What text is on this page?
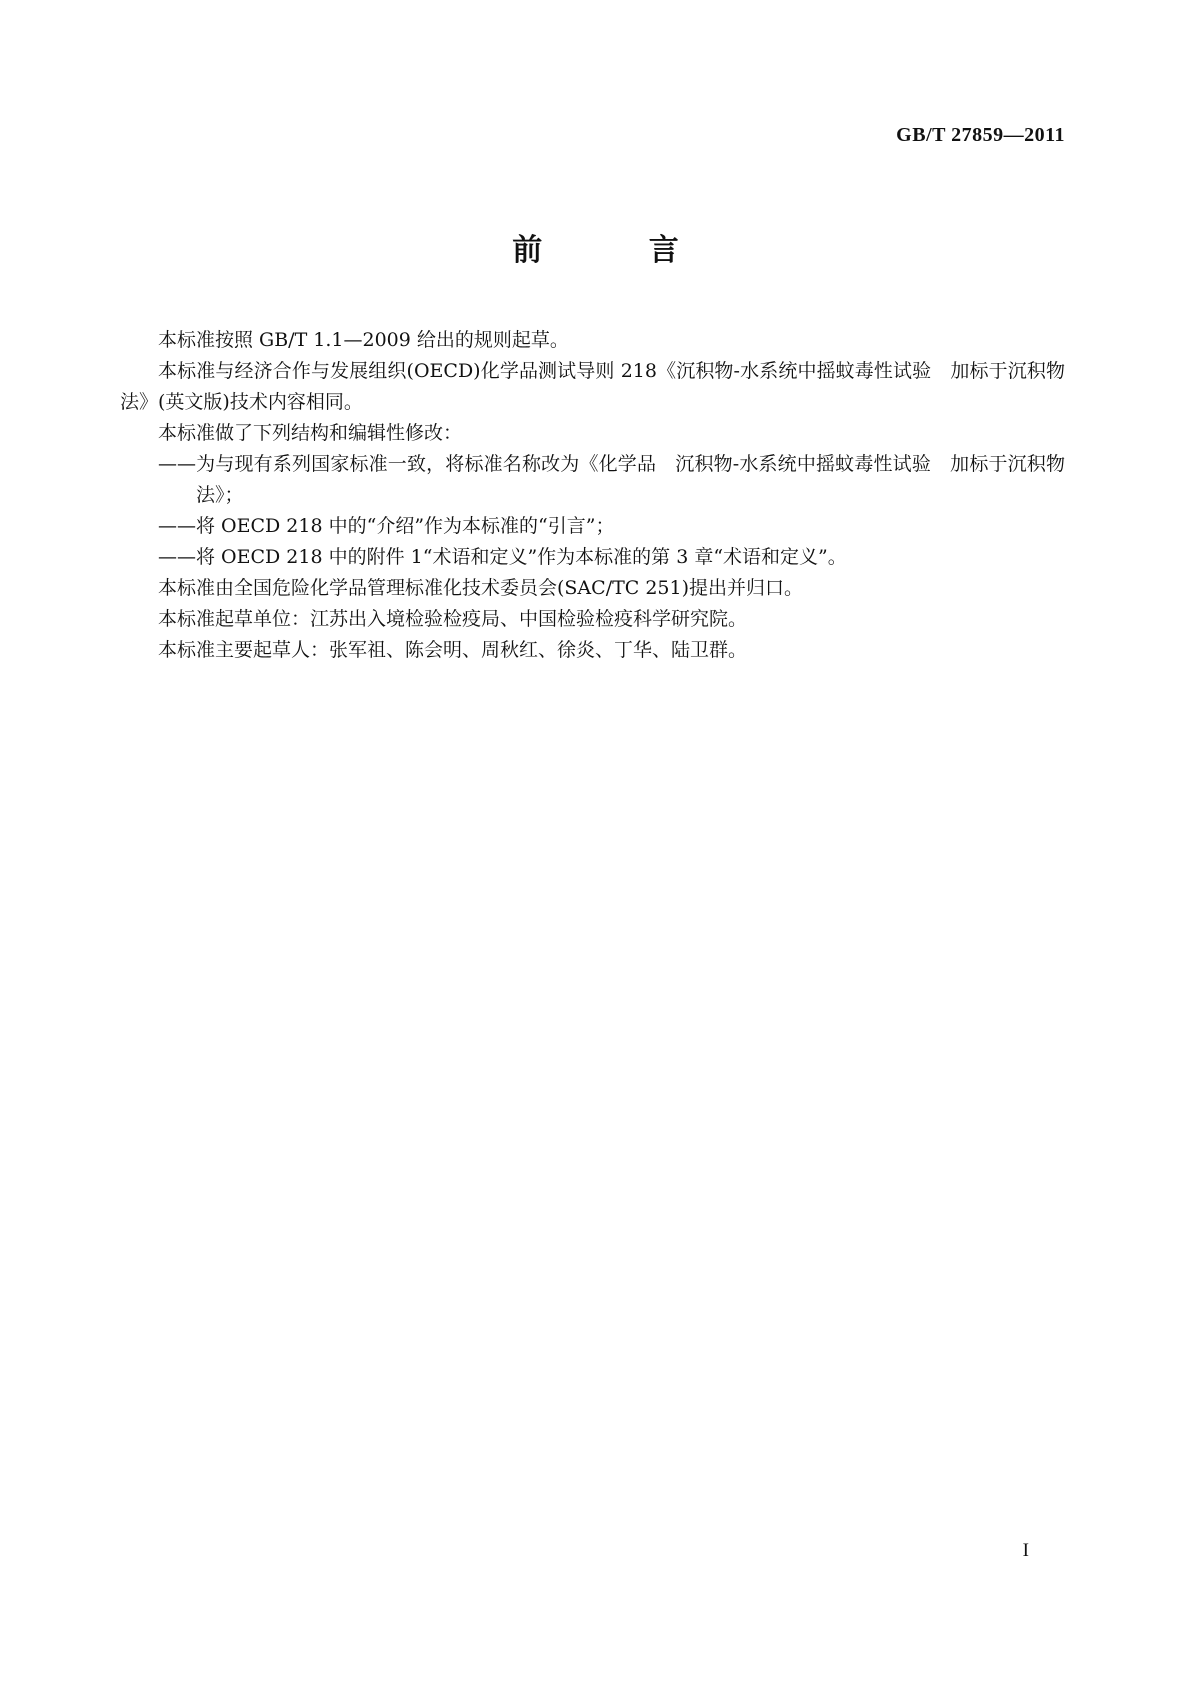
GB/T 27859—2011
前 言

本标准按照 GB/T 1.1—2009 给出的规则起草。

本标准与经济合作与发展组织(OECD)化学品测试导则 218《沉积物-水系统中摇蚊毒性试验　加标于沉积物法》(英文版)技术内容相同。

本标准做了下列结构和编辑性修改：

——为与现有系列国家标准一致，将标准名称改为《化学品　沉积物-水系统中摇蚊毒性试验　加标于沉积物法》；

——将 OECD 218 中的“介绍”作为本标准的“引言”；

——将 OECD 218 中的附件 1“术语和定义”作为本标准的第 3 章“术语和定义”。

本标准由全国危险化学品管理标准化技术委员会(SAC/TC 251)提出并归口。

本标准起草单位：江苏出入境检验检疫局、中国检验检疫科学研究院。

本标准主要起草人：张军祖、陈会明、周秋红、徐炎、丁华、陆卫群。

I
